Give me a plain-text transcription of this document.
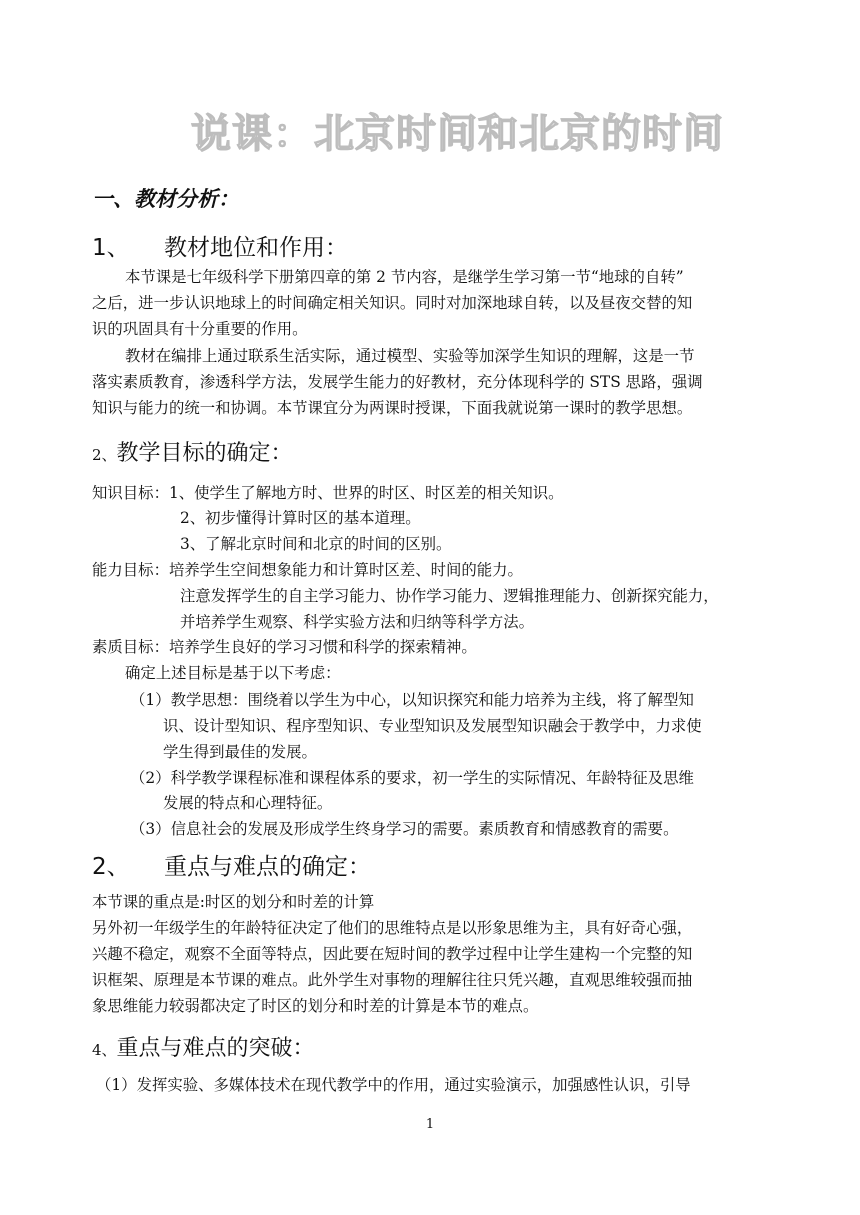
说课：北京时间和北京的时间
一、教材分析：
1、 教材地位和作用：
本节课是七年级科学下册第四章的第 2 节内容，是继学生学习第一节“地球的自转”
之后，进一步认识地球上的时间确定相关知识。同时对加深地球自转，以及昼夜交替的知
识的巩固具有十分重要的作用。
教材在编排上通过联系生活实际，通过模型、实验等加深学生知识的理解，这是一节
落实素质教育，渗透科学方法，发展学生能力的好教材，充分体现科学的 STS 思路，强调
知识与能力的统一和协调。本节课宜分为两课时授课，下面我就说第一课时的教学思想。
2、教学目标的确定：
知识目标：1、使学生了解地方时、世界的时区、时区差的相关知识。
2、初步懂得计算时区的基本道理。
3、了解北京时间和北京的时间的区别。
能力目标：培养学生空间想象能力和计算时区差、时间的能力。
注意发挥学生的自主学习能力、协作学习能力、逻辑推理能力、创新探究能力，
并培养学生观察、科学实验方法和归纳等科学方法。
素质目标：培养学生良好的学习习惯和科学的探索精神。
确定上述目标是基于以下考虑：
（1）教学思想：围绕着以学生为中心，以知识探究和能力培养为主线，将了解型知
识、设计型知识、程序型知识、专业型知识及发展型知识融会于教学中，力求使
学生得到最佳的发展。
（2）科学教学课程标准和课程体系的要求，初一学生的实际情况、年龄特征及思维
发展的特点和心理特征。
（3）信息社会的发展及形成学生终身学习的需要。素质教育和情感教育的需要。
2、 重点与难点的确定：
本节课的重点是:时区的划分和时差的计算
另外初一年级学生的年龄特征决定了他们的思维特点是以形象思维为主，具有好奇心强，
兴趣不稳定，观察不全面等特点，因此要在短时间的教学过程中让学生建构一个完整的知
识框架、原理是本节课的难点。此外学生对事物的理解往往只凭兴趣，直观思维较强而抽
象思维能力较弱都决定了时区的划分和时差的计算是本节的难点。
4、重点与难点的突破：
（1）发挥实验、多媒体技术在现代教学中的作用，通过实验演示，加强感性认识，引导
1
